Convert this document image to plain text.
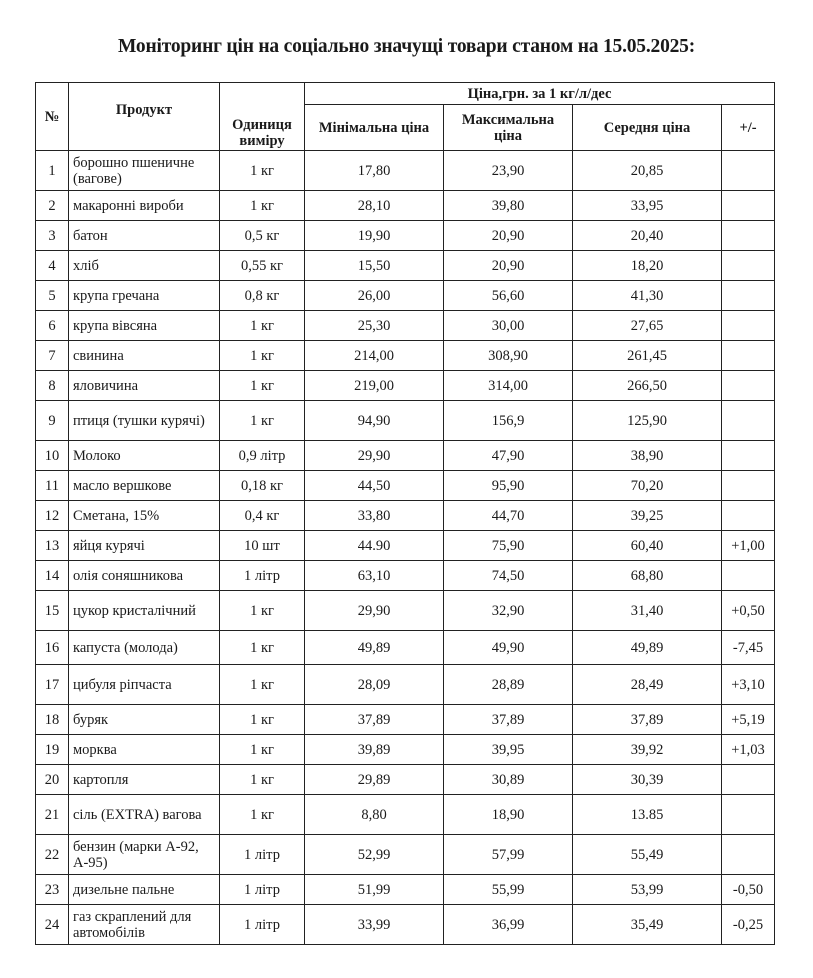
Моніторинг цін на соціально значущі товари станом на 15.05.2025:
№	Продукт	Одиниця виміру	Ціна,грн. за 1 кг/л/дес			
			Мінімальна ціна	Максимальна ціна	Середня ціна	+/-
1	борошно пшеничне (вагове)	1 кг	17,80	23,90	20,85	
2	макаронні вироби	1 кг	28,10	39,80	33,95	
3	батон	0,5 кг	19,90	20,90	20,40	
4	хліб	0,55 кг	15,50	20,90	18,20	
5	крупа гречана	0,8 кг	26,00	56,60	41,30	
6	крупа вівсяна	1 кг	25,30	30,00	27,65	
7	свинина	1 кг	214,00	308,90	261,45	
8	яловичина	1 кг	219,00	314,00	266,50	
9	птиця (тушки курячі)	1 кг	94,90	156,9	125,90	
10	Молоко	0,9 літр	29,90	47,90	38,90	
11	масло вершкове	0,18 кг	44,50	95,90	70,20	
12	Сметана, 15%	0,4 кг	33,80	44,70	39,25	
13	яйця курячі	10 шт	44.90	75,90	60,40	+1,00
14	олія соняшникова	1 літр	63,10	74,50	68,80	
15	цукор кристалічний	1 кг	29,90	32,90	31,40	+0,50
16	капуста (молода)	1 кг	49,89	49,90	49,89	-7,45
17	цибуля ріпчаста	1 кг	28,09	28,89	28,49	+3,10
18	буряк	1 кг	37,89	37,89	37,89	+5,19
19	морква	1 кг	39,89	39,95	39,92	+1,03
20	картопля	1 кг	29,89	30,89	30,39	
21	сіль (EXTRA) вагова	1 кг	8,80	18,90	13.85	
22	бензин (марки А-92, А-95)	1 літр	52,99	57,99	55,49	
23	дизельне пальне	1 літр	51,99	55,99	53,99	-0,50
24	газ скраплений для автомобілів	1 літр	33,99	36,99	35,49	-0,25
